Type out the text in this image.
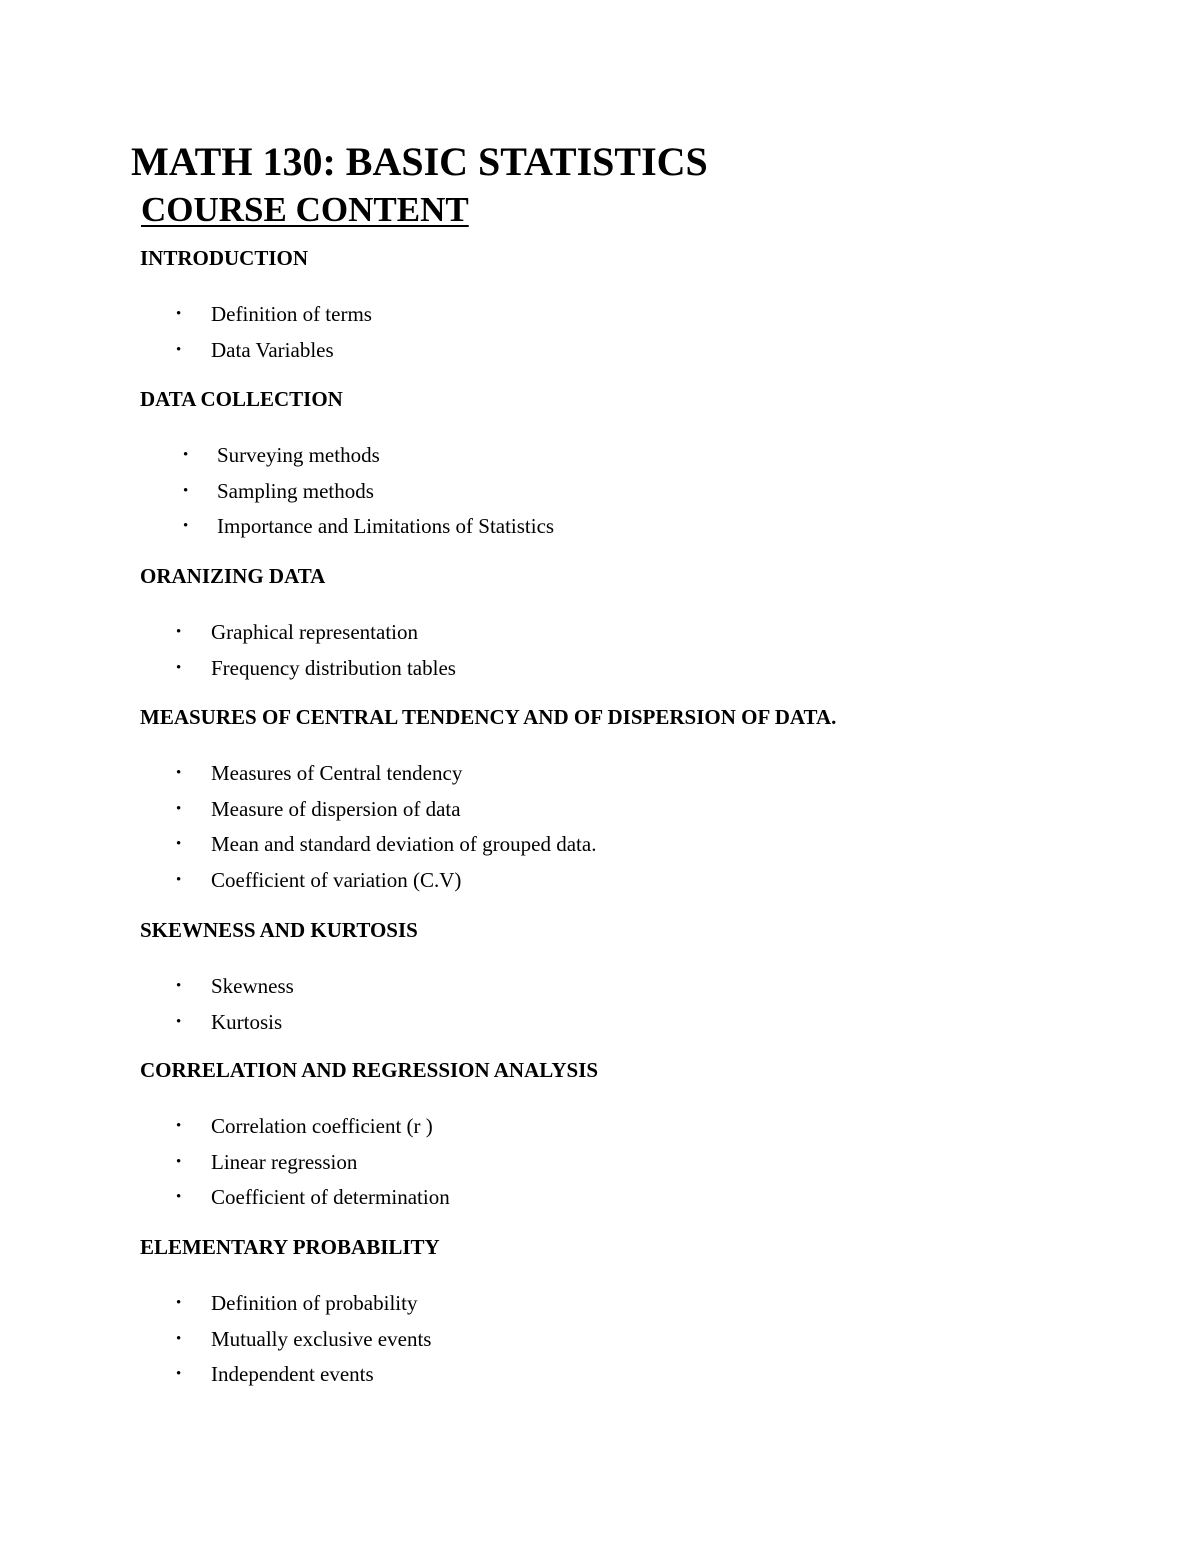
MATH 130: BASIC STATISTICS
COURSE CONTENT
INTRODUCTION
• Definition of terms
• Data Variables
DATA COLLECTION
• Surveying methods
• Sampling methods
• Importance and Limitations of Statistics
ORANIZING DATA
• Graphical representation
• Frequency distribution tables
MEASURES OF CENTRAL TENDENCY AND OF DISPERSION OF DATA.
• Measures of Central tendency
• Measure of dispersion of data
• Mean and standard deviation of grouped data.
• Coefficient of variation (C.V)
SKEWNESS AND KURTOSIS
• Skewness
• Kurtosis
CORRELATION AND REGRESSION ANALYSIS
• Correlation coefficient (r )
• Linear regression
• Coefficient of determination
ELEMENTARY PROBABILITY
• Definition of probability
• Mutually exclusive events
• Independent events
